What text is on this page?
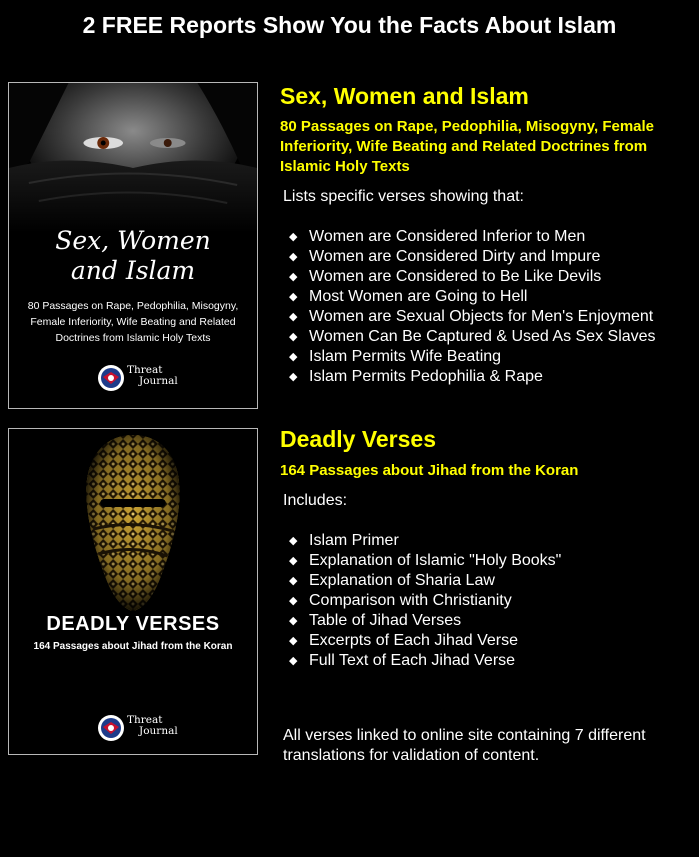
2 FREE Reports Show You the Facts About Islam
Sex, Women
and Islam
80 Passages on Rape, Pedophilia, Misogyny,
Female Inferiority, Wife Beating and Related
Doctrines from Islamic Holy Texts
Threat
Journal
DEADLY VERSES
164 Passages about Jihad from the Koran
Threat
Journal
Sex, Women and Islam

80 Passages on Rape, Pedophilia, Misogyny, Female Inferiority, Wife Beating and Related Doctrines from Islamic Holy Texts

Lists specific verses showing that:

◆ Women are Considered Inferior to Men
◆ Women are Considered Dirty and Impure
◆ Women are Considered to Be Like Devils
◆ Most Women are Going to Hell
◆ Women are Sexual Objects for Men's Enjoyment
◆ Women Can Be Captured & Used As Sex Slaves
◆ Islam Permits Wife Beating
◆ Islam Permits Pedophilia & Rape
Deadly Verses

164 Passages about Jihad from the Koran

Includes:

◆ Islam Primer
◆ Explanation of Islamic "Holy Books"
◆ Explanation of Sharia Law
◆ Comparison with Christianity
◆ Table of Jihad Verses
◆ Excerpts of Each Jihad Verse
◆ Full Text of Each Jihad Verse

All verses linked to online site containing 7 different translations for validation of content.
